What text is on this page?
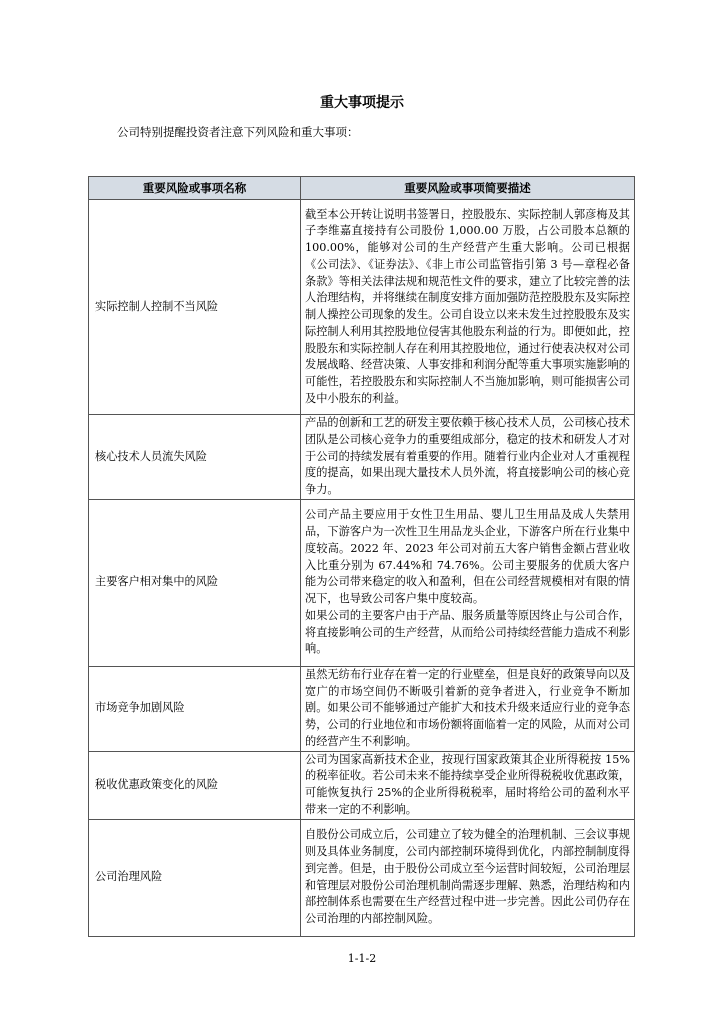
重大事项提示
公司特别提醒投资者注意下列风险和重大事项：
重要风险或事项名称	重要风险或事项简要描述
实际控制人控制不当风险	截至本公开转让说明书签署日，控股股东、实际控制人郭彦梅及其子李维嘉直接持有公司股份 1,000.00 万股，占公司股本总额的 100.00%，能够对公司的生产经营产生重大影响。公司已根据《公司法》、《证券法》、《非上市公司监管指引第 3 号—章程必备条款》等相关法律法规和规范性文件的要求，建立了比较完善的法人治理结构，并将继续在制度安排方面加强防范控股股东及实际控制人操控公司现象的发生。公司自设立以来未发生过控股股东及实际控制人利用其控股地位侵害其他股东利益的行为。即便如此，控股股东和实际控制人存在利用其控股地位，通过行使表决权对公司发展战略、经营决策、人事安排和利润分配等重大事项实施影响的可能性，若控股股东和实际控制人不当施加影响，则可能损害公司及中小股东的利益。

核心技术人员流失风险	产品的创新和工艺的研发主要依赖于核心技术人员，公司核心技术团队是公司核心竞争力的重要组成部分，稳定的技术和研发人才对于公司的持续发展有着重要的作用。随着行业内企业对人才重视程度的提高，如果出现大量技术人员外流，将直接影响公司的核心竞争力。

主要客户相对集中的风险	公司产品主要应用于女性卫生用品、婴儿卫生用品及成人失禁用品，下游客户为一次性卫生用品龙头企业，下游客户所在行业集中度较高。2022 年、2023 年公司对前五大客户销售金额占营业收入比重分别为 67.44%和 74.76%。公司主要服务的优质大客户能为公司带来稳定的收入和盈利，但在公司经营规模相对有限的情况下，也导致公司客户集中度较高。

如果公司的主要客户由于产品、服务质量等原因终止与公司合作，将直接影响公司的生产经营，从而给公司持续经营能力造成不利影响。

市场竞争加剧风险	虽然无纺布行业存在着一定的行业壁垒，但是良好的政策导向以及宽广的市场空间仍不断吸引着新的竞争者进入，行业竞争不断加剧。如果公司不能够通过产能扩大和技术升级来适应行业的竞争态势，公司的行业地位和市场份额将面临着一定的风险，从而对公司的经营产生不利影响。

税收优惠政策变化的风险	公司为国家高新技术企业，按现行国家政策其企业所得税按 15%的税率征收。若公司未来不能持续享受企业所得税税收优惠政策，可能恢复执行 25%的企业所得税税率，届时将给公司的盈利水平带来一定的不利影响。

公司治理风险	自股份公司成立后，公司建立了较为健全的治理机制、三会议事规则及具体业务制度，公司内部控制环境得到优化，内部控制制度得到完善。但是，由于股份公司成立至今运营时间较短，公司治理层和管理层对股份公司治理机制尚需逐步理解、熟悉，治理结构和内部控制体系也需要在生产经营过程中进一步完善。因此公司仍存在公司治理的内部控制风险。

1-1-2
